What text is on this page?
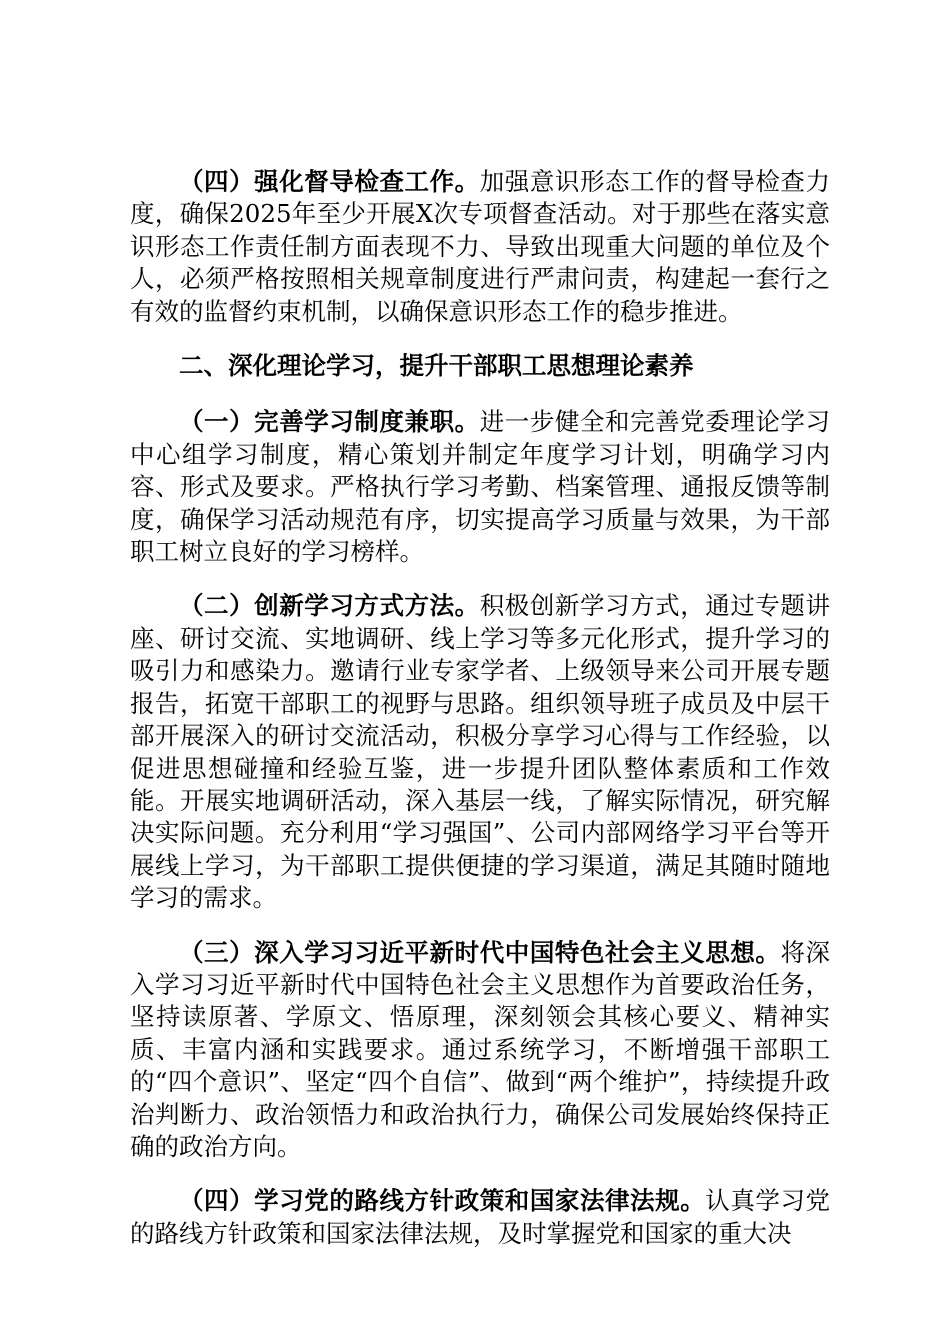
（四）强化督导检查工作。加强意识形态工作的督导检查力度，确保2025年至少开展X次专项督查活动。对于那些在落实意识形态工作责任制方面表现不力、导致出现重大问题的单位及个人，必须严格按照相关规章制度进行严肃问责，构建起一套行之有效的监督约束机制，以确保意识形态工作的稳步推进。

二、深化理论学习，提升干部职工思想理论素养

（一）完善学习制度兼职。进一步健全和完善党委理论学习中心组学习制度，精心策划并制定年度学习计划，明确学习内容、形式及要求。严格执行学习考勤、档案管理、通报反馈等制度，确保学习活动规范有序，切实提高学习质量与效果，为干部职工树立良好的学习榜样。

（二）创新学习方式方法。积极创新学习方式，通过专题讲座、研讨交流、实地调研、线上学习等多元化形式，提升学习的吸引力和感染力。邀请行业专家学者、上级领导来公司开展专题报告，拓宽干部职工的视野与思路。组织领导班子成员及中层干部开展深入的研讨交流活动，积极分享学习心得与工作经验，以促进思想碰撞和经验互鉴，进一步提升团队整体素质和工作效能。开展实地调研活动，深入基层一线，了解实际情况，研究解决实际问题。充分利用“学习强国”、公司内部网络学习平台等开展线上学习，为干部职工提供便捷的学习渠道，满足其随时随地学习的需求。

（三）深入学习习近平新时代中国特色社会主义思想。将深入学习习近平新时代中国特色社会主义思想作为首要政治任务，坚持读原著、学原文、悟原理，深刻领会其核心要义、精神实质、丰富内涵和实践要求。通过系统学习，不断增强干部职工的“四个意识”、坚定“四个自信”、做到“两个维护”，持续提升政治判断力、政治领悟力和政治执行力，确保公司发展始终保持正确的政治方向。

（四）学习党的路线方针政策和国家法律法规。认真学习党的路线方针政策和国家法律法规，及时掌握党和国家的重大决
